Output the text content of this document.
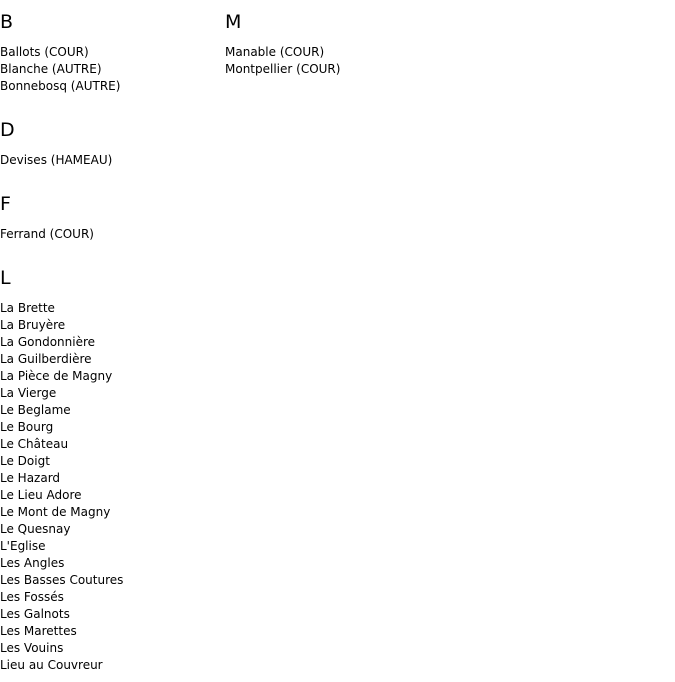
B
Ballots (COUR)
Blanche (AUTRE)
Bonnebosq (AUTRE)
D
Devises (HAMEAU)
F
Ferrand (COUR)
L
La Brette
La Bruyère
La Gondonnière
La Guilberdière
La Pièce de Magny
La Vierge
Le Beglame
Le Bourg
Le Château
Le Doigt
Le Hazard
Le Lieu Adore
Le Mont de Magny
Le Quesnay
L'Eglise
Les Angles
Les Basses Coutures
Les Fossés
Les Galnots
Les Marettes
Les Vouins
Lieu au Couvreur
M
Manable (COUR)
Montpellier (COUR)
